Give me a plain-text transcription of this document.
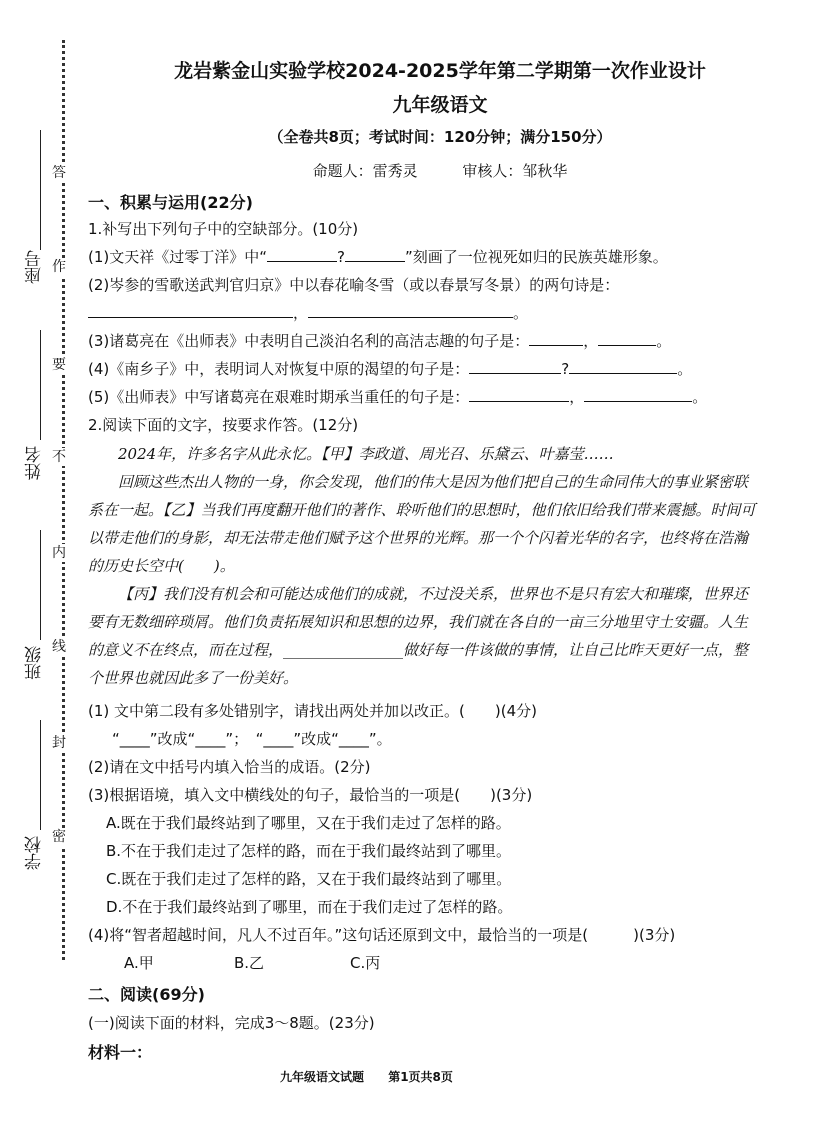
答
作
要
不
内
线
封
密
座号
姓名
班级
学校
龙岩紫金山实验学校2024-2025学年第二学期第一次作业设计
九年级语文
（全卷共8页；考试时间：120分钟；满分150分）
命题人：雷秀灵	审核人：邹秋华
一、积累与运用(22分)
1.补写出下列句子中的空缺部分。(10分)
(1)文天祥《过零丁洋》中“	?	”刻画了一位视死如归的民族英雄形象。
(2)岑参的雪歌送武判官归京》中以春花喻冬雪（或以春景写冬景）的两句诗是：
，	。
(3)诸葛亮在《出师表》中表明自己淡泊名利的高洁志趣的句子是：	，	。
(4)《南乡子》中，表明词人对恢复中原的渴望的句子是：	?	。
(5)《出师表》中写诸葛亮在艰难时期承当重任的句子是：	，	。
2.阅读下面的文字，按要求作答。(12分)

2024年，许多名字从此永忆。【甲】李政道、周光召、乐黛云、叶嘉莹……

回顾这些杰出人物的一身，你会发现，他们的伟大是因为他们把自己的生命同伟大的事业紧密联系在一起。【乙】当我们再度翻开他们的著作、聆听他们的思想时，他们依旧给我们带来震撼。时间可以带走他们的身影，却无法带走他们赋予这个世界的光辉。那一个个闪着光华的名字，也终将在浩瀚的历史长空中(　　)。

【丙】我们没有机会和可能达成他们的成就，不过没关系，世界也不是只有宏大和璀璨，世界还要有无数细碎琐屑。他们负责拓展知识和思想的边界，我们就在各自的一亩三分地里守土安疆。人生的意义不在终点，而在过程，________________做好每一件该做的事情，让自己比昨天更好一点，整个世界也就因此多了一份美好。

(1) 文中第二段有多处错别字，请找出两处并加以改正。(　　)(4分)
“____”改成“____”；　“____”改成“____”。
(2)请在文中括号内填入恰当的成语。(2分)
(3)根据语境，填入文中横线处的句子，最恰当的一项是(　　)(3分)
A.既在于我们最终站到了哪里，又在于我们走过了怎样的路。
B.不在于我们走过了怎样的路，而在于我们最终站到了哪里。
C.既在于我们走过了怎样的路，又在于我们最终站到了哪里。
D.不在于我们最终站到了哪里，而在于我们走过了怎样的路。
(4)将“智者超越时间，凡人不过百年。”这句话还原到文中，最恰当的一项是(　　　)(3分)
A.甲	B.乙	C.丙
二、阅读(69分)
(一)阅读下面的材料，完成3～8题。(23分)
材料一：
九年级语文试题 第1页共8页
